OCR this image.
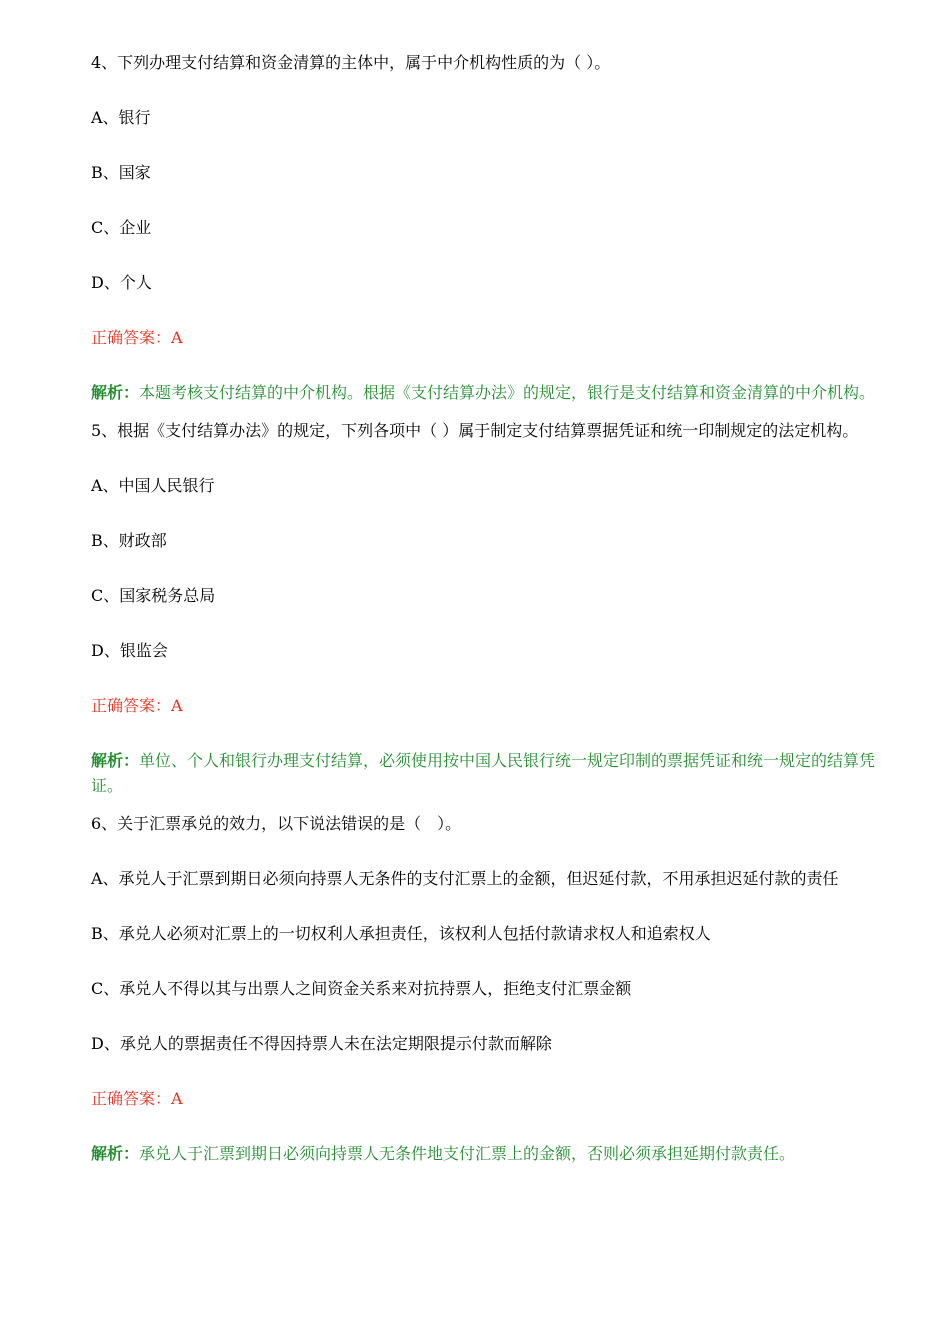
4、下列办理支付结算和资金清算的主体中，属于中介机构性质的为（ ）。

A、银行

B、国家

C、企业

D、个人

正确答案：A

解析：本题考核支付结算的中介机构。根据《支付结算办法》的规定，银行是支付结算和资金清算的中介机构。

5、根据《支付结算办法》的规定，下列各项中（ ）属于制定支付结算票据凭证和统一印制规定的法定机构。

A、中国人民银行

B、财政部

C、国家税务总局

D、银监会

正确答案：A

解析：单位、个人和银行办理支付结算，必须使用按中国人民银行统一规定印制的票据凭证和统一规定的结算凭证。

6、关于汇票承兑的效力，以下说法错误的是（　）。

A、承兑人于汇票到期日必须向持票人无条件的支付汇票上的金额，但迟延付款，不用承担迟延付款的责任

B、承兑人必须对汇票上的一切权利人承担责任，该权利人包括付款请求权人和追索权人

C、承兑人不得以其与出票人之间资金关系来对抗持票人，拒绝支付汇票金额

D、承兑人的票据责任不得因持票人未在法定期限提示付款而解除

正确答案：A

解析：承兑人于汇票到期日必须向持票人无条件地支付汇票上的金额，否则必须承担延期付款责任。
